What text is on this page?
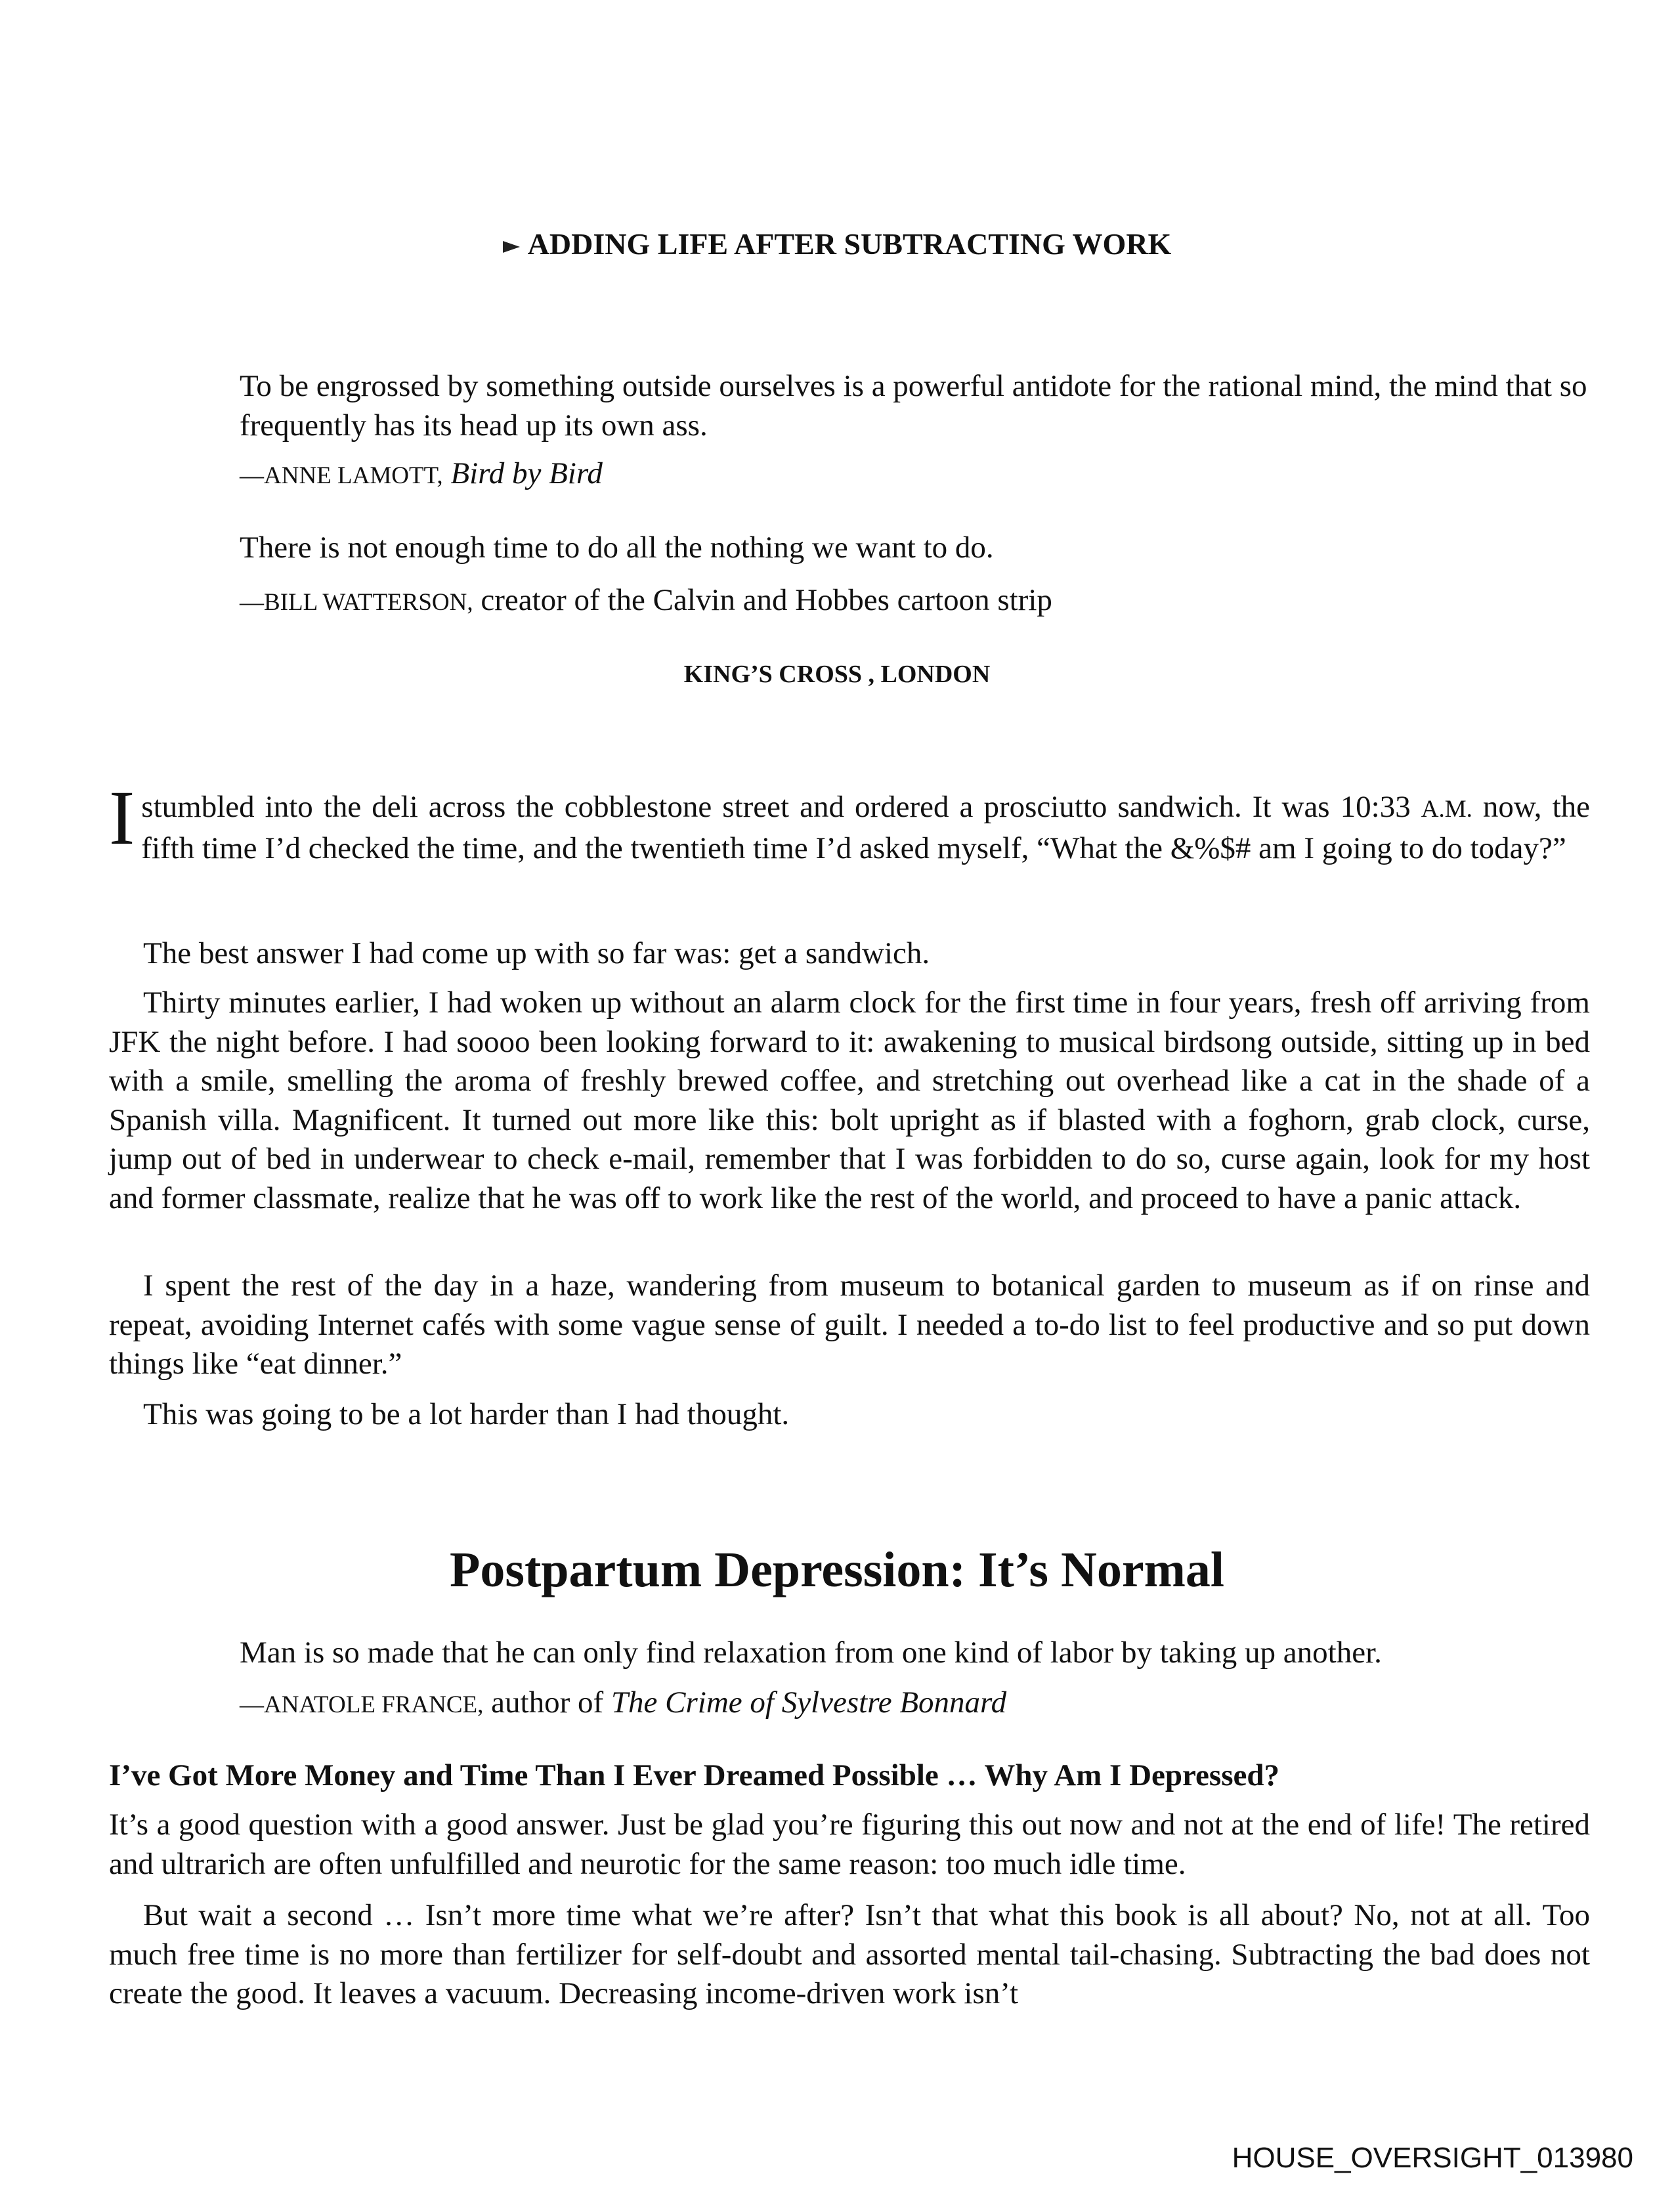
ADDING LIFE AFTER SUBTRACTING WORK
To be engrossed by something outside ourselves is a powerful antidote for the rational mind, the mind that so frequently has its head up its own ass.
—ANNE LAMOTT, Bird by Bird
There is not enough time to do all the nothing we want to do.
—BILL WATTERSON, creator of the Calvin and Hobbes cartoon strip
KING’S CROSS , LONDON
I stumbled into the deli across the cobblestone street and ordered a prosciutto sandwich. It was 10:33 A.M. now, the fifth time I’d checked the time, and the twentieth time I’d asked myself, “What the &%$# am I going to do today?”
The best answer I had come up with so far was: get a sandwich.
Thirty minutes earlier, I had woken up without an alarm clock for the first time in four years, fresh off arriving from JFK the night before. I had soooo been looking forward to it: awakening to musical birdsong outside, sitting up in bed with a smile, smelling the aroma of freshly brewed coffee, and stretching out overhead like a cat in the shade of a Spanish villa. Magnificent. It turned out more like this: bolt upright as if blasted with a foghorn, grab clock, curse, jump out of bed in underwear to check e-mail, remember that I was forbidden to do so, curse again, look for my host and former classmate, realize that he was off to work like the rest of the world, and proceed to have a panic attack.
I spent the rest of the day in a haze, wandering from museum to botanical garden to museum as if on rinse and repeat, avoiding Internet cafés with some vague sense of guilt. I needed a to-do list to feel productive and so put down things like “eat dinner.”
This was going to be a lot harder than I had thought.
Postpartum Depression: It’s Normal
Man is so made that he can only find relaxation from one kind of labor by taking up another.
—ANATOLE FRANCE, author of The Crime of Sylvestre Bonnard
I’ve Got More Money and Time Than I Ever Dreamed Possible … Why Am I Depressed?
It’s a good question with a good answer. Just be glad you’re figuring this out now and not at the end of life! The retired and ultrarich are often unfulfilled and neurotic for the same reason: too much idle time.
But wait a second … Isn’t more time what we’re after? Isn’t that what this book is all about? No, not at all. Too much free time is no more than fertilizer for self-doubt and assorted mental tail-chasing. Subtracting the bad does not create the good. It leaves a vacuum. Decreasing income-driven work isn’t
HOUSE_OVERSIGHT_013980
